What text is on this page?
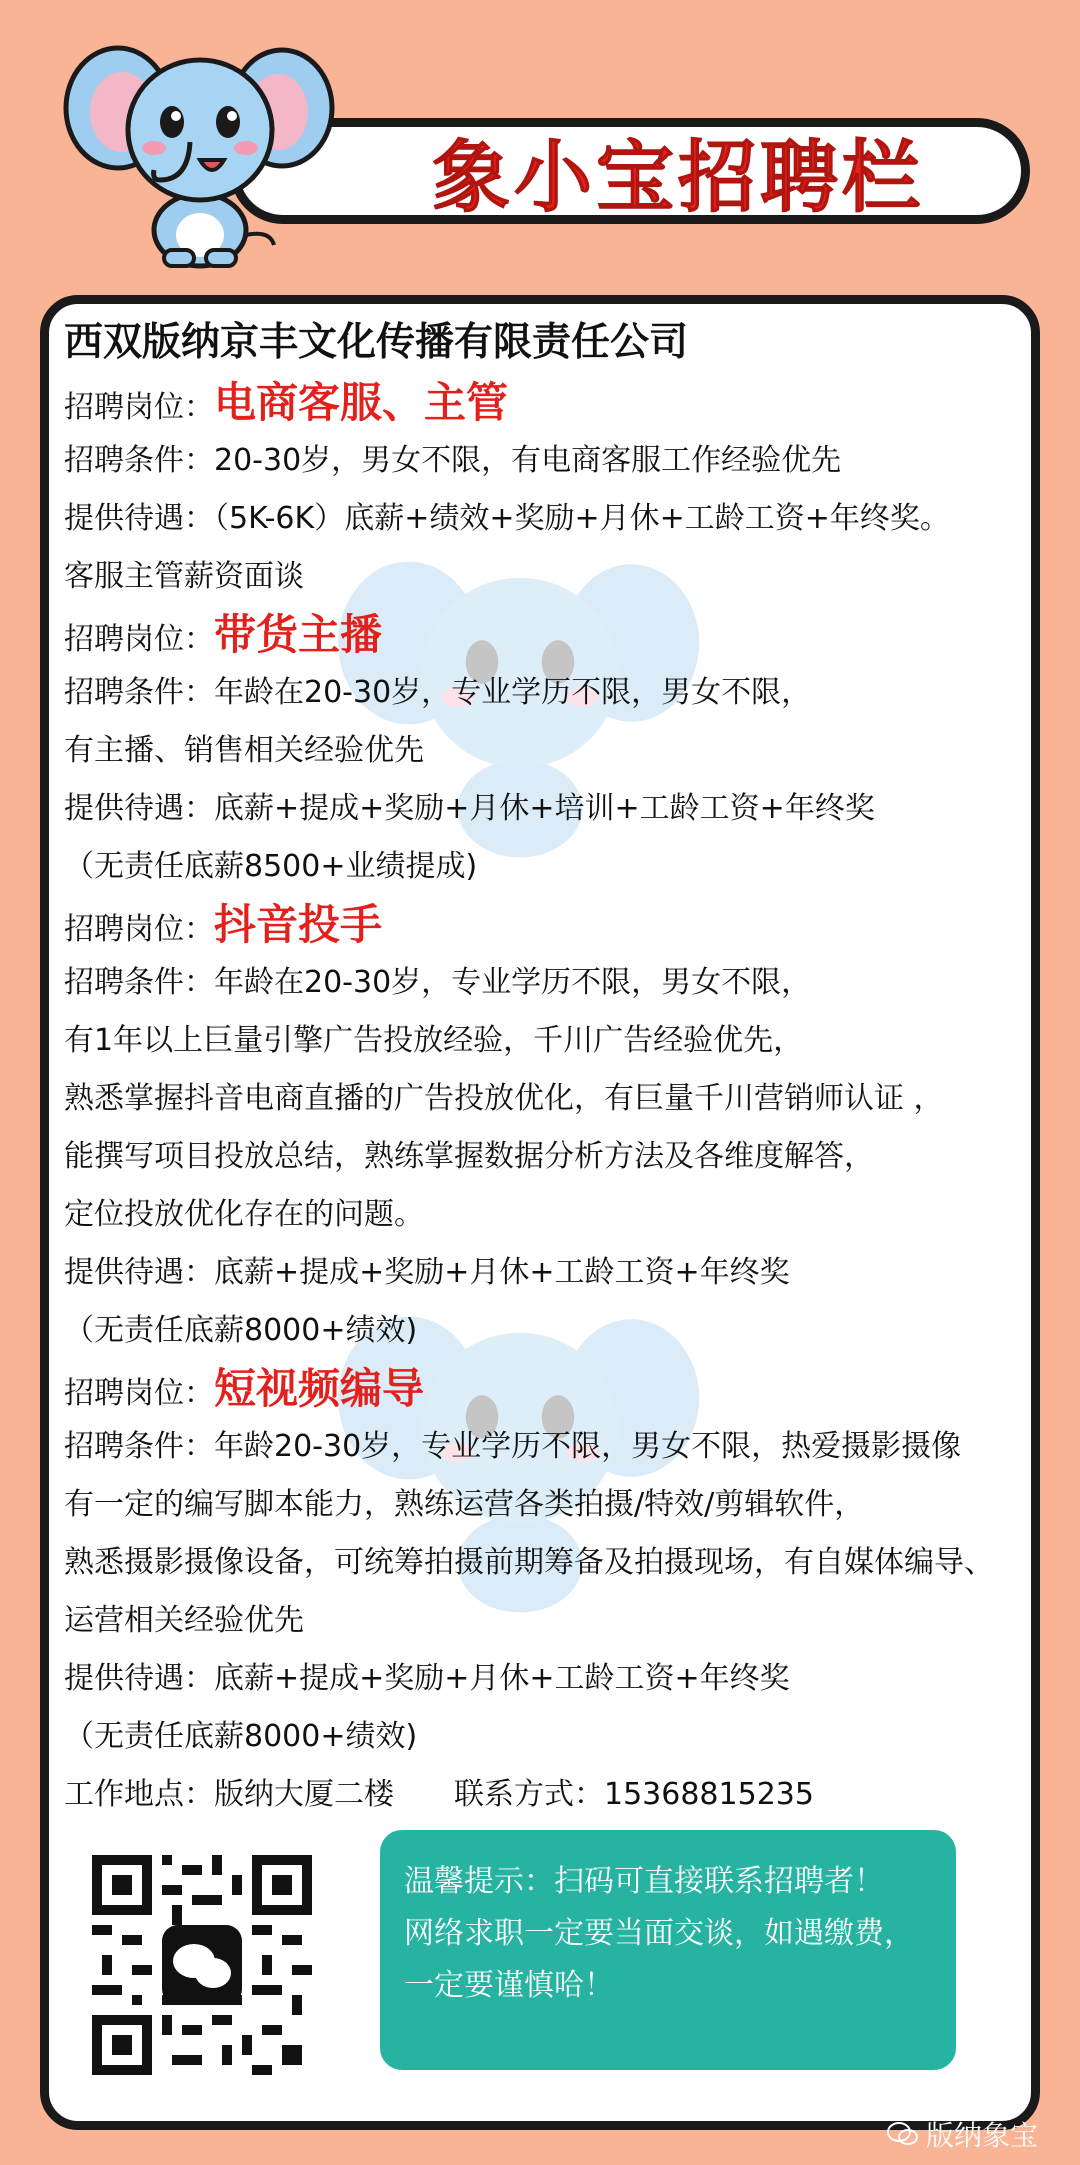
象小宝招聘栏
西双版纳京丰文化传播有限责任公司
招聘岗位： 电商客服、主管
招聘条件：20-30岁，男女不限，有电商客服工作经验优先
提供待遇：（5K-6K）底薪+绩效+奖励+月休+工龄工资+年终奖。
客服主管薪资面谈
招聘岗位： 带货主播
招聘条件：年龄在20-30岁，专业学历不限，男女不限，
有主播、销售相关经验优先
提供待遇：底薪+提成+奖励+月休+培训+工龄工资+年终奖
（无责任底薪8500+业绩提成)
招聘岗位： 抖音投手
招聘条件：年龄在20-30岁，专业学历不限，男女不限，
有1年以上巨量引擎广告投放经验，千川广告经验优先，
熟悉掌握抖音电商直播的广告投放优化，有巨量千川营销师认证 ，
能撰写项目投放总结，熟练掌握数据分析方法及各维度解答，
定位投放优化存在的问题。
提供待遇：底薪+提成+奖励+月休+工龄工资+年终奖
（无责任底薪8000+绩效)
招聘岗位： 短视频编导
招聘条件：年龄20-30岁，专业学历不限，男女不限，热爱摄影摄像
有一定的编写脚本能力，熟练运营各类拍摄/特效/剪辑软件，
熟悉摄影摄像设备，可统筹拍摄前期筹备及拍摄现场，有自媒体编导、
运营相关经验优先
提供待遇：底薪+提成+奖励+月休+工龄工资+年终奖
（无责任底薪8000+绩效)
工作地点：版纳大厦二楼 联系方式：15368815235
温馨提示：扫码可直接联系招聘者！
网络求职一定要当面交谈，如遇缴费，
一定要谨慎哈！
版纳象宝
